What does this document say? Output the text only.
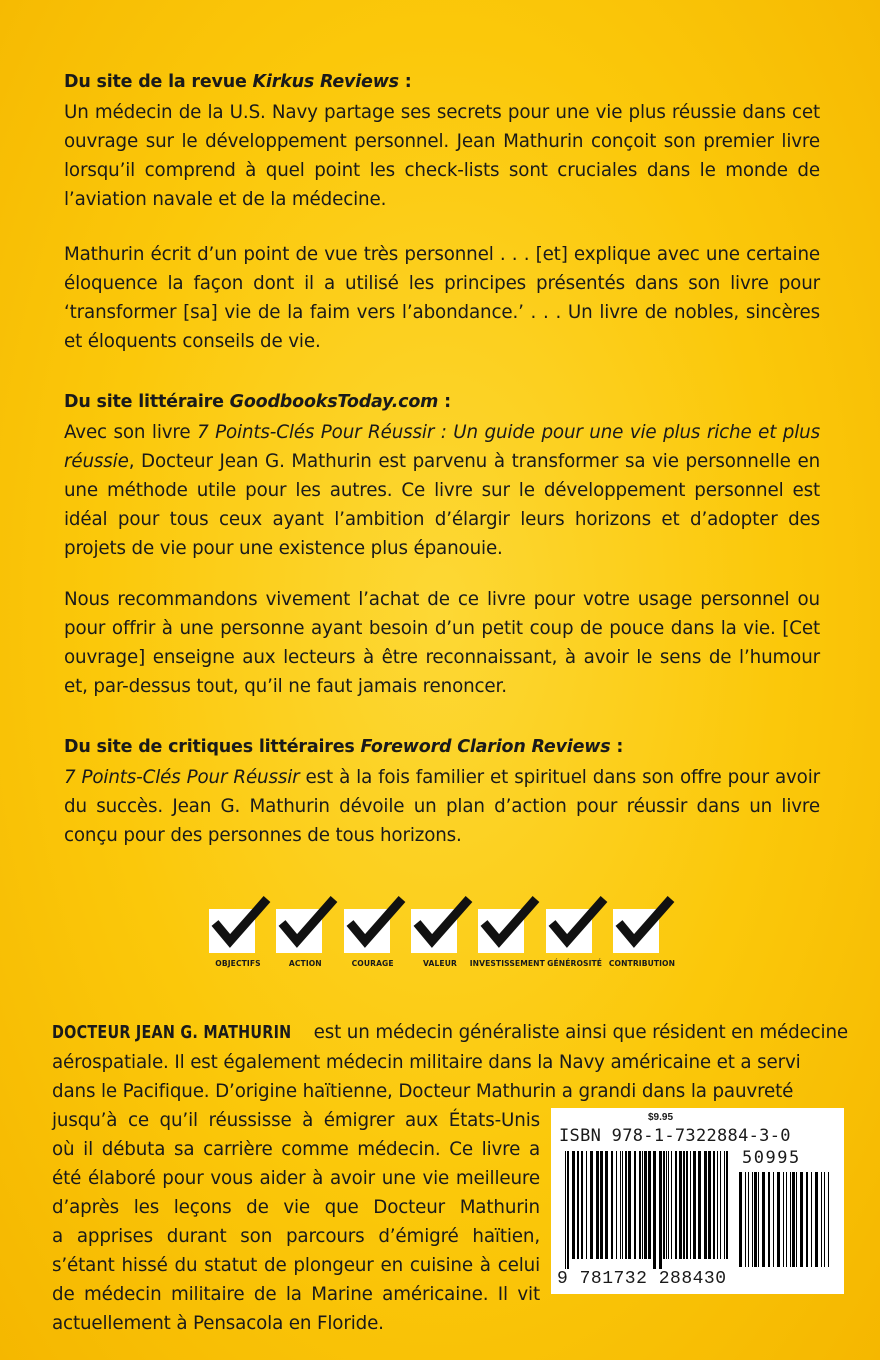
Du site de la revue Kirkus Reviews :

Un médecin de la U.S. Navy partage ses secrets pour une vie plus réussie dans cet ouvrage sur le développement personnel. Jean Mathurin conçoit son premier livre lorsqu’il comprend à quel point les check-lists sont cruciales dans le monde de l’aviation navale et de la médecine.

Mathurin écrit d’un point de vue très personnel . . . [et] explique avec une certaine éloquence la façon dont il a utilisé les principes présentés dans son livre pour ‘transformer [sa] vie de la faim vers l’abondance.’ . . . Un livre de nobles, sincères et éloquents conseils de vie.

Du site littéraire GoodbooksToday.com :

Avec son livre 7 Points-Clés Pour Réussir : Un guide pour une vie plus riche et plus réussie, Docteur Jean G. Mathurin est parvenu à transformer sa vie personnelle en une méthode utile pour les autres. Ce livre sur le développement personnel est idéal pour tous ceux ayant l’ambition d’élargir leurs horizons et d’adopter des projets de vie pour une existence plus épanouie.

Nous recommandons vivement l’achat de ce livre pour votre usage personnel ou pour offrir à une personne ayant besoin d’un petit coup de pouce dans la vie. [Cet ouvrage] enseigne aux lecteurs à être reconnaissant, à avoir le sens de l’humour et, par-dessus tout, qu’il ne faut jamais renoncer.

Du site de critiques littéraires Foreword Clarion Reviews :

7 Points-Clés Pour Réussir est à la fois familier et spirituel dans son offre pour avoir du succès. Jean G. Mathurin dévoile un plan d’action pour réussir dans un livre conçu pour des personnes de tous horizons.

OBJECTIFS	ACTION	COURAGE	VALEUR INVESTISSEMENT GÉNÉROSITÉ CONTRIBUTION
DOCTEUR JEAN G. MATHURIN est un médecin généraliste ainsi que résident en médecine
aérospatiale. Il est également médecin militaire dans la Navy américaine et a servi
dans le Pacifique. D’origine haïtienne, Docteur Mathurin a grandi dans la pauvreté
jusqu’à ce qu’il réussisse à émigrer aux États-Unis
où il débuta sa carrière comme médecin. Ce livre a
été élaboré pour vous aider à avoir une vie meilleure
d’après les leçons de vie que Docteur Mathurin
a apprises durant son parcours d’émigré haïtien,
s’étant hissé du statut de plongeur en cuisine à celui
de médecin militaire de la Marine américaine. Il vit
actuellement à Pensacola en Floride.
$9.95
ISBN 978-1-7322884-3-0
50995
9 781732 288430
